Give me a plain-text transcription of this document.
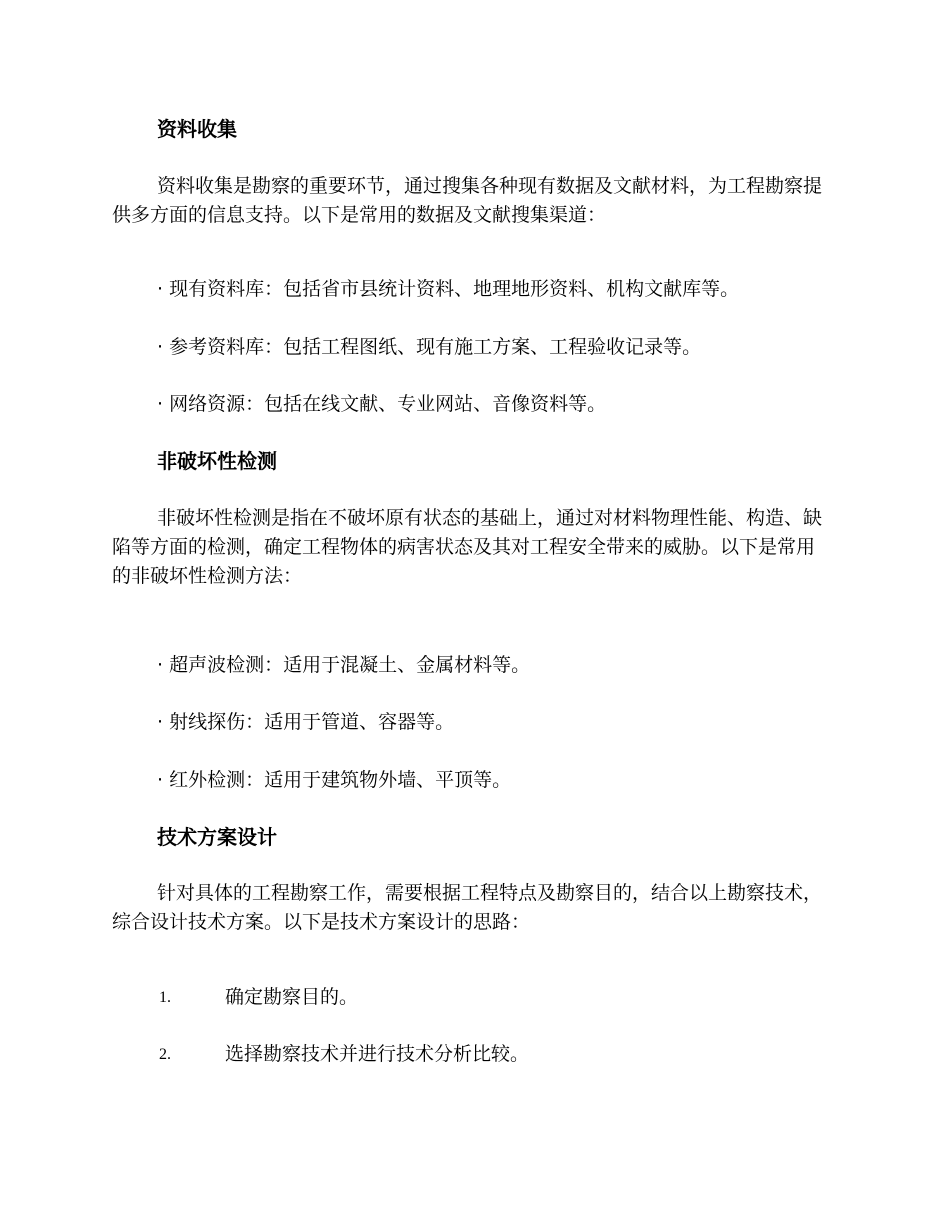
资料收集

资料收集是勘察的重要环节，通过搜集各种现有数据及文献材料，为工程勘察提供多方面的信息支持。以下是常用的数据及文献搜集渠道：

· 现有资料库：包括省市县统计资料、地理地形资料、机构文献库等。
· 参考资料库：包括工程图纸、现有施工方案、工程验收记录等。
· 网络资源：包括在线文献、专业网站、音像资料等。
非破坏性检测

非破坏性检测是指在不破坏原有状态的基础上，通过对材料物理性能、构造、缺陷等方面的检测，确定工程物体的病害状态及其对工程安全带来的威胁。以下是常用的非破坏性检测方法：

· 超声波检测：适用于混凝土、金属材料等。
· 射线探伤：适用于管道、容器等。
· 红外检测：适用于建筑物外墙、平顶等。
技术方案设计

针对具体的工程勘察工作，需要根据工程特点及勘察目的，结合以上勘察技术，综合设计技术方案。以下是技术方案设计的思路：

1.	确定勘察目的。
2.	选择勘察技术并进行技术分析比较。
